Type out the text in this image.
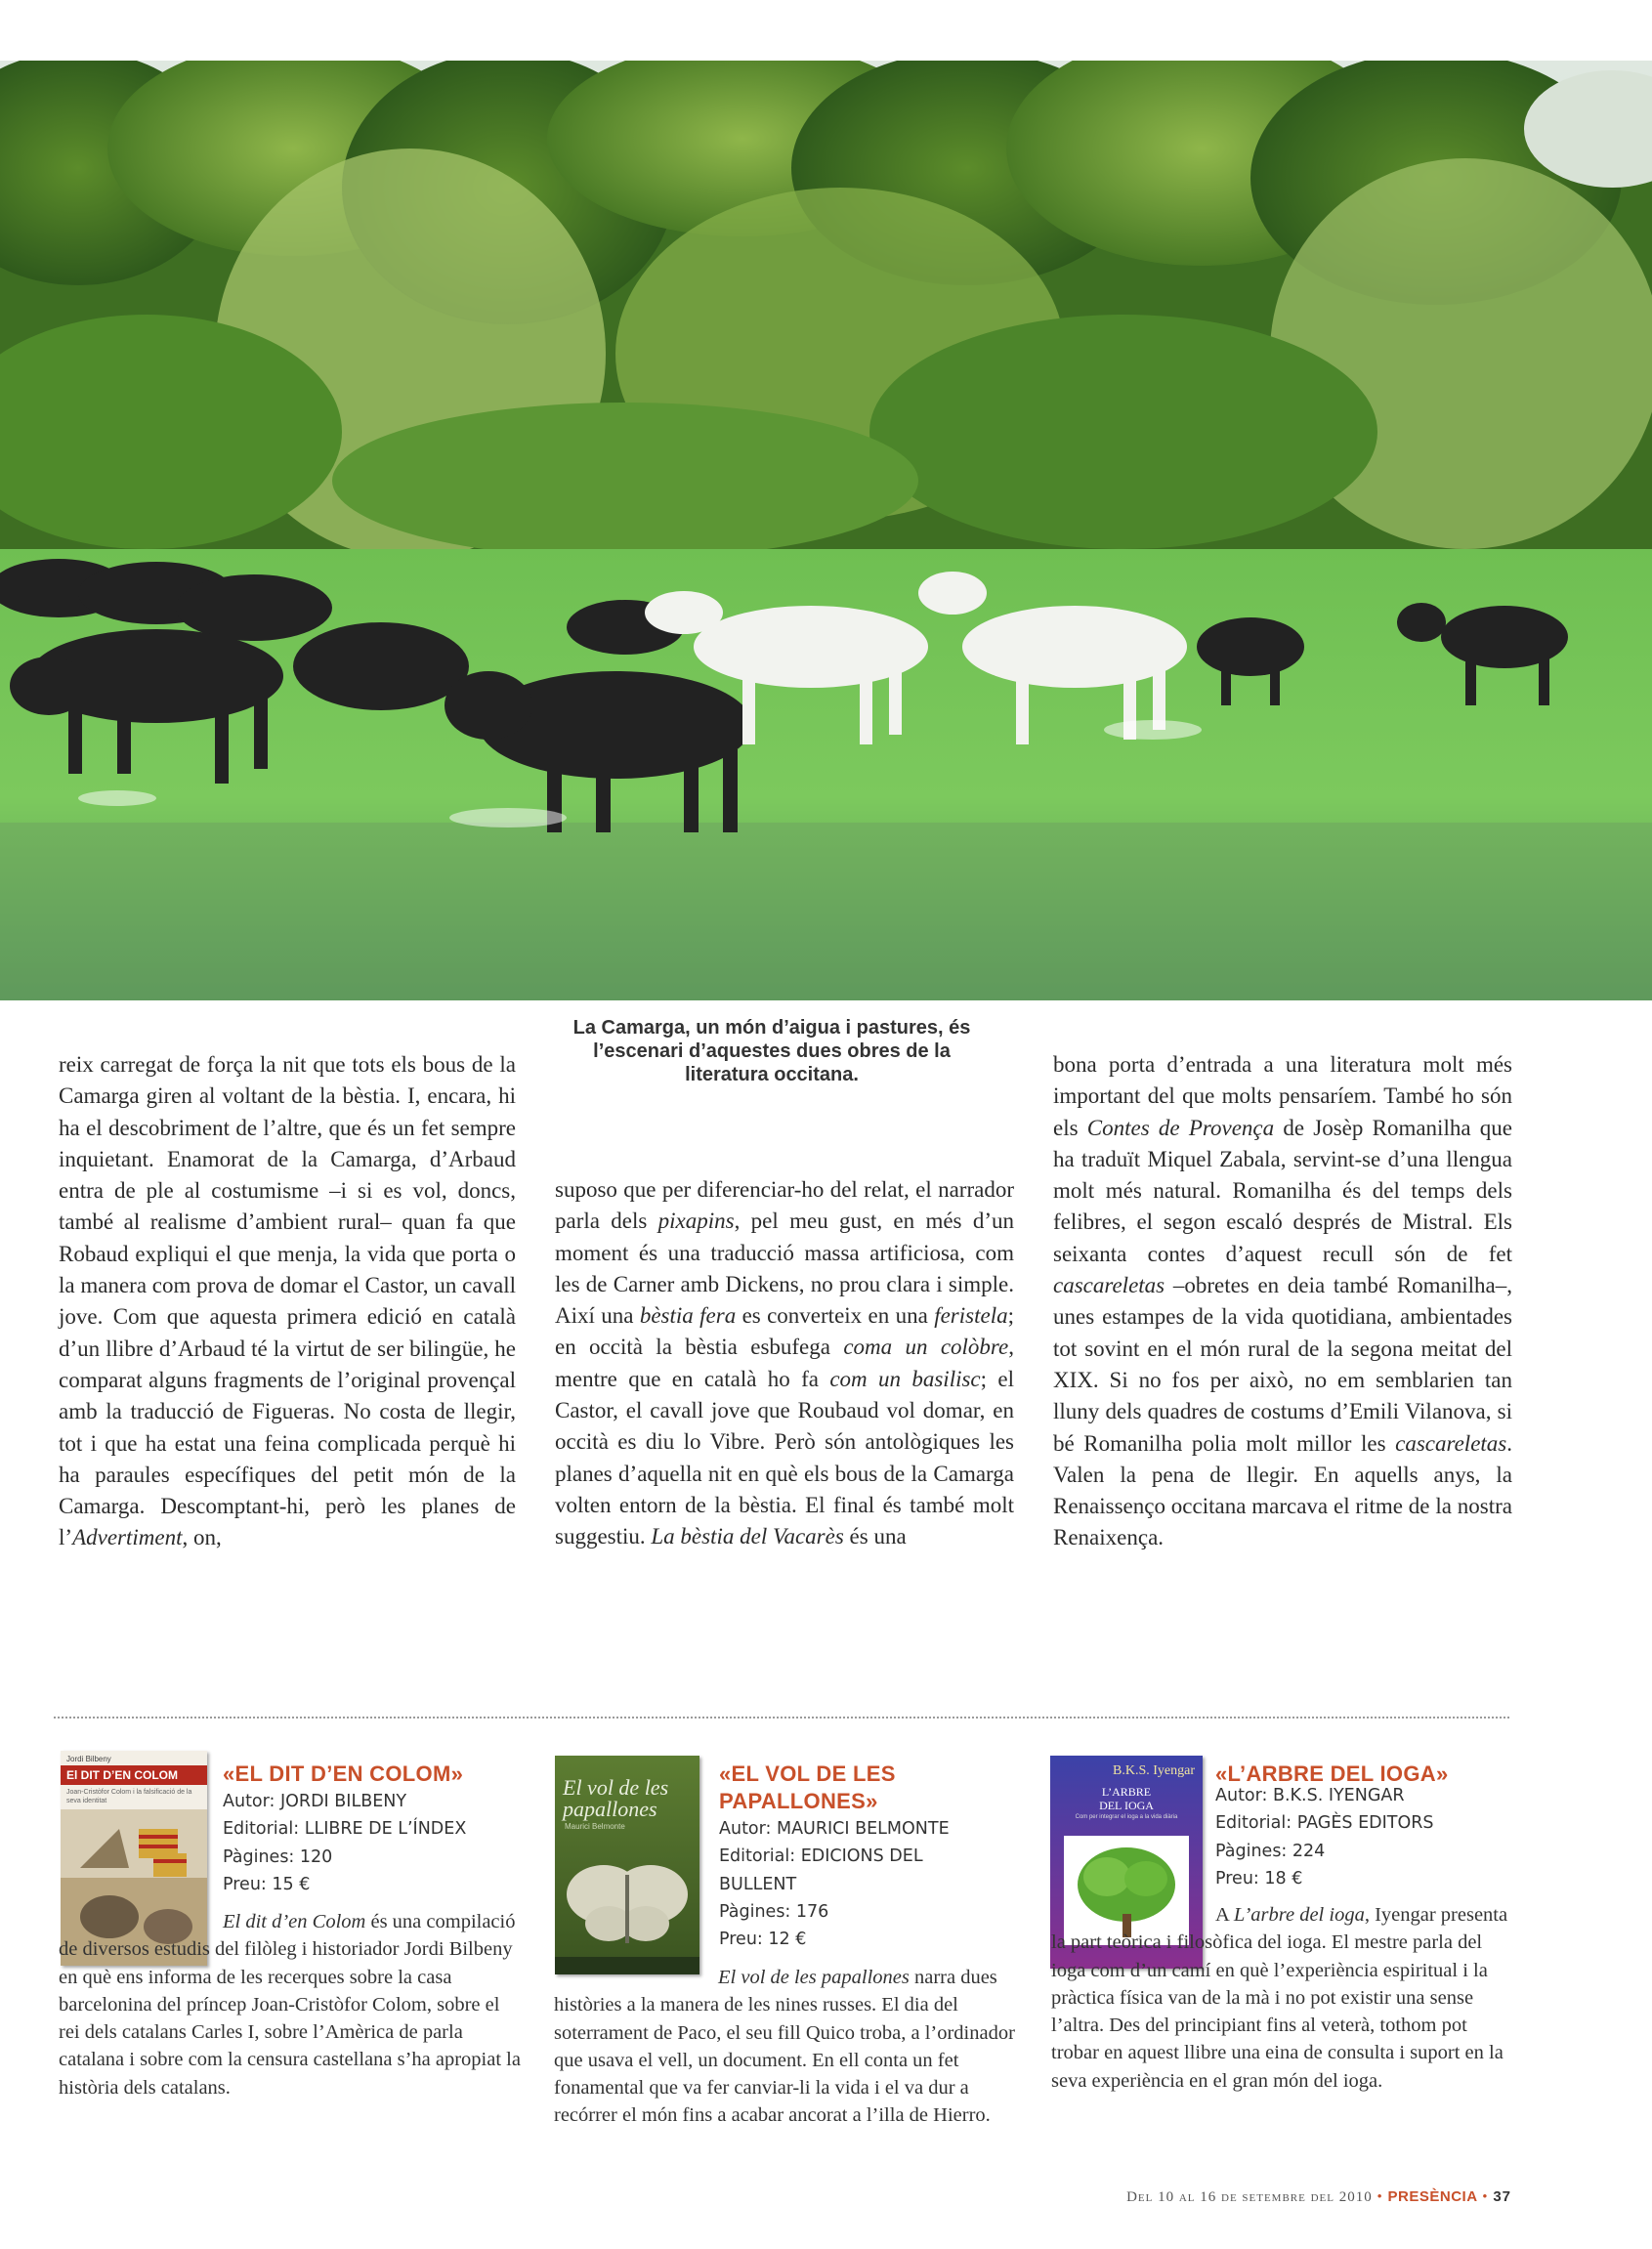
La Camarga, un món d’aigua i pastures, és l’escenari d’aquestes dues obres de la literatura occitana.
reix carregat de força la nit que tots els bous de la Camarga giren al voltant de la bèstia. I, encara, hi ha el descobriment de l’altre, que és un fet sempre inquietant. Enamorat de la Camarga, d’Arbaud entra de ple al costumisme –i si es vol, doncs, també al realisme d’ambient rural– quan fa que Robaud expliqui el que menja, la vida que porta o la manera com prova de domar el Castor, un cavall jove. Com que aquesta primera edició en català d’un llibre d’Arbaud té la virtut de ser bilingüe, he comparat alguns fragments de l’original provençal amb la traducció de Figueras. No costa de llegir, tot i que ha estat una feina complicada perquè hi ha paraules específiques del petit món de la Camarga. Descomptant-hi, però les planes de l’Advertiment, on,
suposo que per diferenciar-ho del relat, el narrador parla dels pixapins, pel meu gust, en més d’un moment és una traducció massa artificiosa, com les de Carner amb Dickens, no prou clara i simple. Així una bèstia fera es converteix en una feristela; en occità la bèstia esbufega coma un colòbre, mentre que en català ho fa com un basilisc; el Castor, el cavall jove que Roubaud vol domar, en occità es diu lo Vibre. Però són antològiques les planes d’aquella nit en què els bous de la Camarga volten entorn de la bèstia. El final és també molt suggestiu. La bèstia del Vacarès és una
bona porta d’entrada a una literatura molt més important del que molts pensaríem. També ho són els Contes de Provença de Josèp Romanilha que ha traduït Miquel Zabala, servint-se d’una llengua molt més natural. Romanilha és del temps dels felibres, el segon escaló després de Mistral. Els seixanta contes d’aquest recull són de fet cascareletas –obretes en deia també Romanilha–, unes estampes de la vida quotidiana, ambientades tot sovint en el món rural de la segona meitat del XIX. Si no fos per això, no em semblarien tan lluny dels quadres de costums d’Emili Vilanova, si bé Romanilha polia molt millor les cascareletas. Valen la pena de llegir. En aquells anys, la Renaissenço occitana marcava el ritme de la nostra Renaixença.
Jordi Bilbeny
El DIT D’EN COLOM
Joan-Cristòfor Colom i la falsificació de la seva identitat
«EL DIT D’EN COLOM»
Autor: JORDI BILBENY
Editorial: LLIBRE DE L’ÍNDEX
Pàgines: 120
Preu: 15 €
El dit d’en Colom és una compilació de diversos estudis del filòleg i historiador Jordi Bilbeny en què ens informa de les recerques sobre la casa barcelonina del príncep Joan-Cristòfor Colom, sobre el rei dels catalans Carles I, sobre l’Amèrica de parla catalana i sobre com la censura castellana s’ha apropiat la història dels catalans.
El vol de les papallones
Maurici Belmonte
«EL VOL DE LES PAPALLONES»
Autor: MAURICI BELMONTE
Editorial: EDICIONS DEL BULLENT
Pàgines: 176
Preu: 12 €
El vol de les papallones narra dues històries a la manera de les nines russes. El dia del soterrament de Paco, el seu fill Quico troba, a l’ordinador que usava el vell, un document. En ell conta un fet fonamental que va fer canviar-li la vida i el va dur a recórrer el món fins a acabar ancorat a l’illa de Hierro.
B.K.S. Iyengar
L’ARBRE DEL IOGA
Com per integrar el ioga a la vida diària
«L’ARBRE DEL IOGA»
Autor: B.K.S. IYENGAR
Editorial: PAGÈS EDITORS
Pàgines: 224
Preu: 18 €
A L’arbre del ioga, Iyengar presenta la part teòrica i filosòfica del ioga. El mestre parla del ioga com d’un camí en què l’experiència espiritual i la pràctica física van de la mà i no pot existir una sense l’altra. Des del principiant fins al veterà, tothom pot trobar en aquest llibre una eina de consulta i suport en la seva experiència en el gran món del ioga.
Del 10 al 16 de setembre del 2010 • PRESÈNCIA • 37
